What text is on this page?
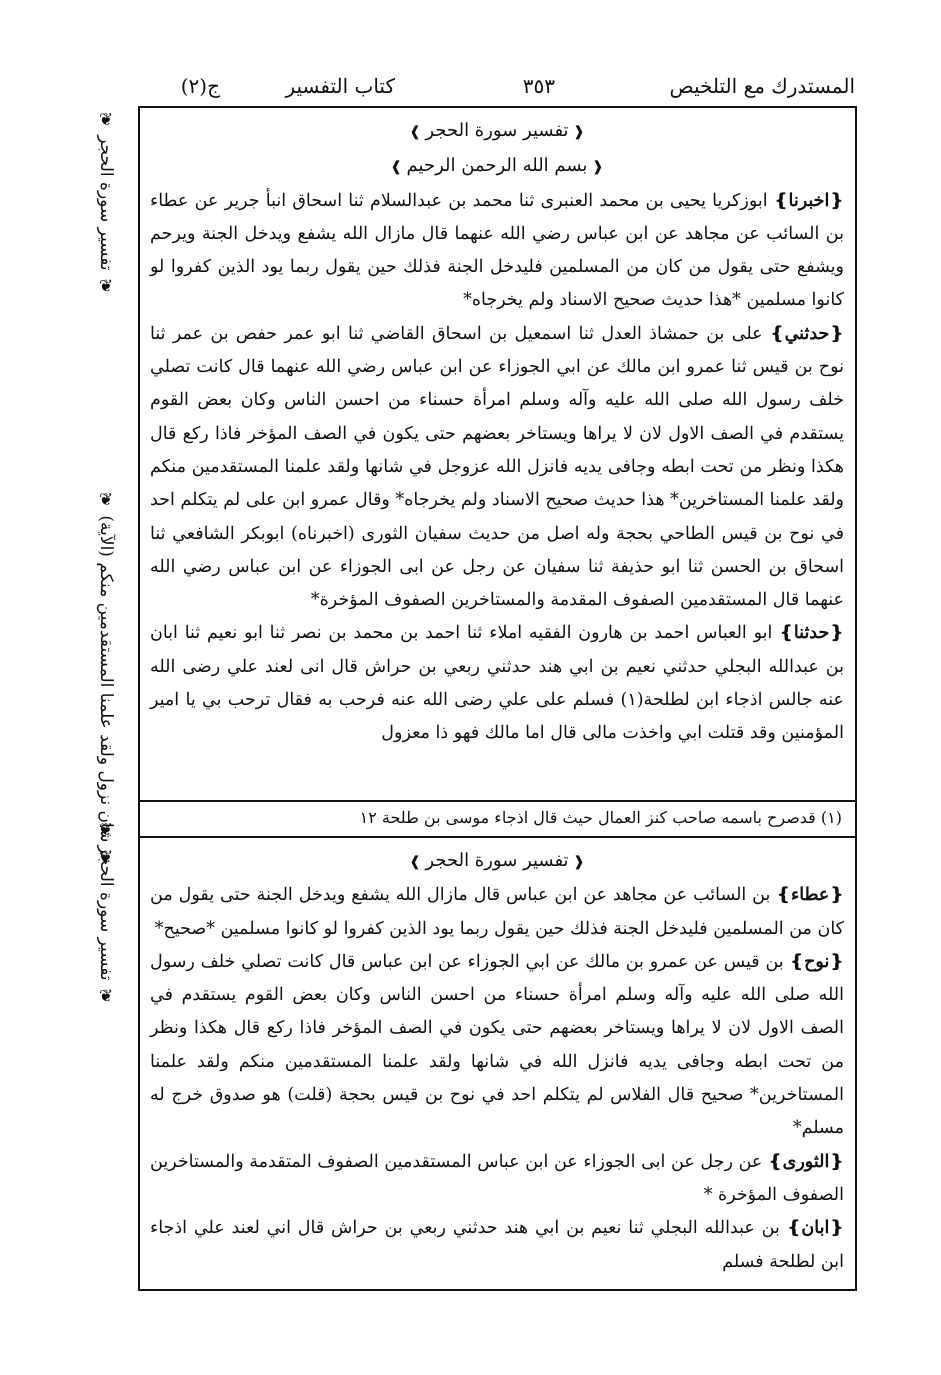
المستدرك مع التلخيص
٣٥٣
كتاب التفسير
ج(٢)

❰ تفسير سورة الحجر ❱

❰ بسم الله الرحمن الرحيم ❱

❴ اخبرنا ❵ ابوزكريا يحيى بن محمد العنبرى ثنا محمد بن عبدالسلام ثنا اسحاق انبأ جرير عن عطاء بن السائب عن مجاهد عن ابن عباس رضي الله عنهما قال مازال الله يشفع ويدخل الجنة ويرحم ويشفع حتى يقول من كان من المسلمين فليدخل الجنة فذلك حين يقول ربما يود الذين كفروا لو كانوا مسلمين *هذا حديث صحيح الاسناد ولم يخرجاه*

❴ حدثني ❵ على بن حمشاذ العدل ثنا اسمعيل بن اسحاق القاضي ثنا ابو عمر حفص بن عمر ثنا نوح بن قيس ثنا عمرو ابن مالك عن ابي الجوزاء عن ابن عباس رضي الله عنهما قال كانت تصلي خلف رسول الله صلى الله عليه وآله وسلم امرأة حسناء من احسن الناس وكان بعض القوم يستقدم في الصف الاول لان لا يراها ويستاخر بعضهم حتى يكون في الصف المؤخر فاذا ركع قال هكذا ونظر من تحت ابطه وجافى يديه فانزل الله عزوجل في شانها ولقد علمنا المستقدمين منكم ولقد علمنا المستاخرين* هذا حديث صحيح الاسناد ولم يخرجاه* وقال عمرو ابن على لم يتكلم احد في نوح بن قيس الطاحي بحجة وله اصل من حديث سفيان الثورى (اخبرناه) ابوبكر الشافعي ثنا اسحاق بن الحسن ثنا ابو حذيفة ثنا سفيان عن رجل عن ابى الجوزاء عن ابن عباس رضي الله عنهما قال المستقدمين الصفوف المقدمة والمستاخرين الصفوف المؤخرة*

❴ حدثنا ❵ ابو العباس احمد بن هارون الفقيه املاء ثنا احمد بن محمد بن نصر ثنا ابو نعيم ثنا ابان بن عبدالله البجلي حدثني نعيم بن ابي هند حدثني ربعي بن حراش قال انى لعند علي رضى الله عنه جالس اذجاء ابن لطلحة(١) فسلم على علي رضى الله عنه فرحب به فقال ترحب بي يا امير المؤمنين وقد قتلت ابي واخذت مالى قال اما مالك فهو ذا معزول

(١) قدصرح باسمه صاحب كنز العمال حيث قال اذجاء موسى بن طلحة ١٢

❰ تفسير سورة الحجر ❱

❴ عطاء ❵ بن السائب عن مجاهد عن ابن عباس قال مازال الله يشفع ويدخل الجنة حتى يقول من كان من المسلمين فليدخل الجنة فذلك حين يقول ربما يود الذين كفروا لو كانوا مسلمين *صحيح*

❴ نوح ❵ بن قيس عن عمرو بن مالك عن ابي الجوزاء عن ابن عباس قال كانت تصلي خلف رسول الله صلى الله عليه وآله وسلم امرأة حسناء من احسن الناس وكان بعض القوم يستقدم في الصف الاول لان لا يراها ويستاخر بعضهم حتى يكون في الصف المؤخر فاذا ركع قال هكذا ونظر من تحت ابطه وجافى يديه فانزل الله في شانها ولقد علمنا المستقدمين منكم ولقد علمنا المستاخرين* صحيح قال الفلاس لم يتكلم احد في نوح بن قيس بحجة (قلت) هو صدوق خرج له مسلم*

❴ الثورى ❵ عن رجل عن ابى الجوزاء عن ابن عباس المستقدمين الصفوف المتقدمة والمستاخرين الصفوف المؤخرة *

❴ ابان ❵ بن عبدالله البجلي ثنا نعيم بن ابي هند حدثني ربعي بن حراش قال اني لعند علي اذجاء ابن لطلحة فسلم

❦ تفسير سورة الحجر ❦
❦ شان نزول ولقد علمنا المستقدمين منكم (الآية) ❦
❦ تفسير سورة الحجر ❦
